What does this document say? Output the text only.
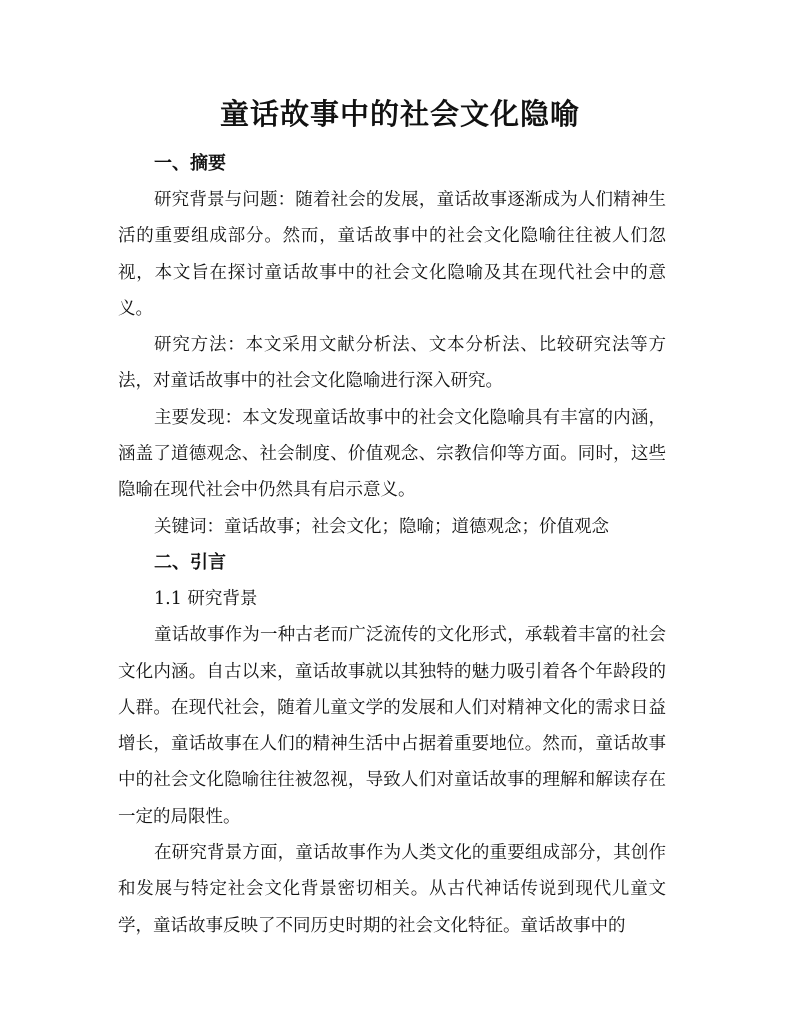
童话故事中的社会文化隐喻

一、摘要

研究背景与问题：随着社会的发展，童话故事逐渐成为人们精神生活的重要组成部分。然而，童话故事中的社会文化隐喻往往被人们忽视，本文旨在探讨童话故事中的社会文化隐喻及其在现代社会中的意义。

研究方法：本文采用文献分析法、文本分析法、比较研究法等方法，对童话故事中的社会文化隐喻进行深入研究。

主要发现：本文发现童话故事中的社会文化隐喻具有丰富的内涵，涵盖了道德观念、社会制度、价值观念、宗教信仰等方面。同时，这些隐喻在现代社会中仍然具有启示意义。

关键词：童话故事；社会文化；隐喻；道德观念；价值观念

二、引言

1.1 研究背景

童话故事作为一种古老而广泛流传的文化形式，承载着丰富的社会文化内涵。自古以来，童话故事就以其独特的魅力吸引着各个年龄段的人群。在现代社会，随着儿童文学的发展和人们对精神文化的需求日益增长，童话故事在人们的精神生活中占据着重要地位。然而，童话故事中的社会文化隐喻往往被忽视，导致人们对童话故事的理解和解读存在一定的局限性。

在研究背景方面，童话故事作为人类文化的重要组成部分，其创作和发展与特定社会文化背景密切相关。从古代神话传说到现代儿童文学，童话故事反映了不同历史时期的社会文化特征。童话故事中的
